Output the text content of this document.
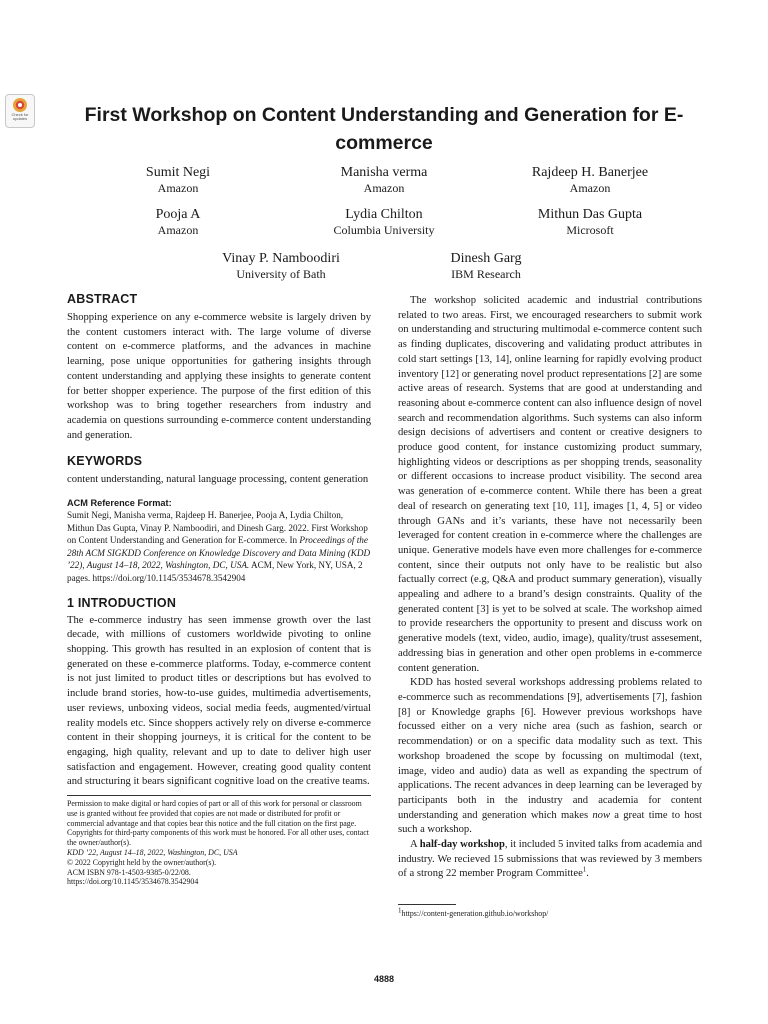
Check for
updates	First Workshop on Content Understanding and Generation for E-commerce
Sumit Negi
Amazon
Manisha verma
Amazon
Rajdeep H. Banerjee
Amazon
Pooja A
Amazon
Lydia Chilton
Columbia University
Mithun Das Gupta
Microsoft
Vinay P. Namboodiri
University of Bath
Dinesh Garg
IBM Research
ABSTRACT

Shopping experience on any e-commerce website is largely driven by the content customers interact with. The large volume of diverse content on e-commerce platforms, and the advances in machine learning, pose unique opportunities for gathering insights through content understanding and applying these insights to generate content for better shopper experience. The purpose of the first edition of this workshop was to bring together researchers from industry and academia on questions surrounding e-commerce content understanding and generation.

KEYWORDS

content understanding, natural language processing, content generation

ACM Reference Format:

Sumit Negi, Manisha verma, Rajdeep H. Banerjee, Pooja A, Lydia Chilton, Mithun Das Gupta, Vinay P. Namboodiri, and Dinesh Garg. 2022. First Workshop on Content Understanding and Generation for E-commerce. In Proceedings of the 28th ACM SIGKDD Conference on Knowledge Discovery and Data Mining (KDD ’22), August 14–18, 2022, Washington, DC, USA. ACM, New York, NY, USA, 2 pages. https://doi.org/10.1145/3534678.3542904

1 INTRODUCTION

The e-commerce industry has seen immense growth over the last decade, with millions of customers worldwide pivoting to online shopping. This growth has resulted in an explosion of content that is generated on these e-commerce platforms. Today, e-commerce content is not just limited to product titles or descriptions but has evolved to include brand stories, how-to-use guides, multimedia advertisements, user reviews, unboxing videos, social media feeds, augmented/virtual reality models etc. Since shoppers actively rely on diverse e-commerce content in their shopping journeys, it is critical for the content to be engaging, high quality, relevant and up to date to deliver high user satisfaction and engagement. However, creating good quality content and structuring it bears significant cognitive load on the creative teams.

Permission to make digital or hard copies of part or all of this work for personal or classroom use is granted without fee provided that copies are not made or distributed for profit or commercial advantage and that copies bear this notice and the full citation on the first page. Copyrights for third-party components of this work must be honored. For all other uses, contact the owner/author(s).
KDD ’22, August 14–18, 2022, Washington, DC, USA
© 2022 Copyright held by the owner/author(s).
ACM ISBN 978-1-4503-9385-0/22/08.
https://doi.org/10.1145/3534678.3542904

The workshop solicited academic and industrial contributions related to two areas. First, we encouraged researchers to submit work on understanding and structuring multimodal e-commerce content such as finding duplicates, discovering and validating product attributes in cold start settings [13, 14], online learning for rapidly evolving product inventory [12] or generating novel product representations [2] are some active areas of research. Systems that are good at understanding and reasoning about e-commerce content can also influence design of novel search and recommendation algorithms. Such systems can also inform design decisions of advertisers and content or creative designers to produce good content, for instance customizing product summary, highlighting videos or descriptions as per shopping trends, seasonality or different occasions to increase product visibility. The second area was generation of e-commerce content. While there has been a great deal of research on generating text [10, 11], images [1, 4, 5] or video through GANs and it’s variants, these have not necessarily been leveraged for content creation in e-commerce where the challenges are unique. Generative models have even more challenges for e-commerce content, since their outputs not only have to be realistic but also factually correct (e.g, Q&A and product summary generation), visually appealing and adhere to a brand’s design constraints. Quality of the generated content [3] is yet to be solved at scale. The workshop aimed to provide researchers the opportunity to present and discuss work on generative models (text, video, audio, image), quality/trust assesement, addressing bias in generation and other open problems in e-commerce content generation.

KDD has hosted several workshops addressing problems related to e-commerce such as recommendations [9], advertisements [7], fashion [8] or Knowledge graphs [6]. However previous workshops have focussed either on a very niche area (such as fashion, search or recommendation) or on a specific data modality such as text. This workshop broadened the scope by focussing on multimodal (text, image, video and audio) data as well as expanding the spectrum of applications. The recent advances in deep learning can be leveraged by participants both in the industry and academia for content understanding and generation which makes now a great time to host such a workshop.

A half-day workshop, it included 5 invited talks from academia and industry. We recieved 15 submissions that was reviewed by 3 members of a strong 22 member Program Committee$^1$.

$^1$https://content-generation.github.io/workshop/
4888
